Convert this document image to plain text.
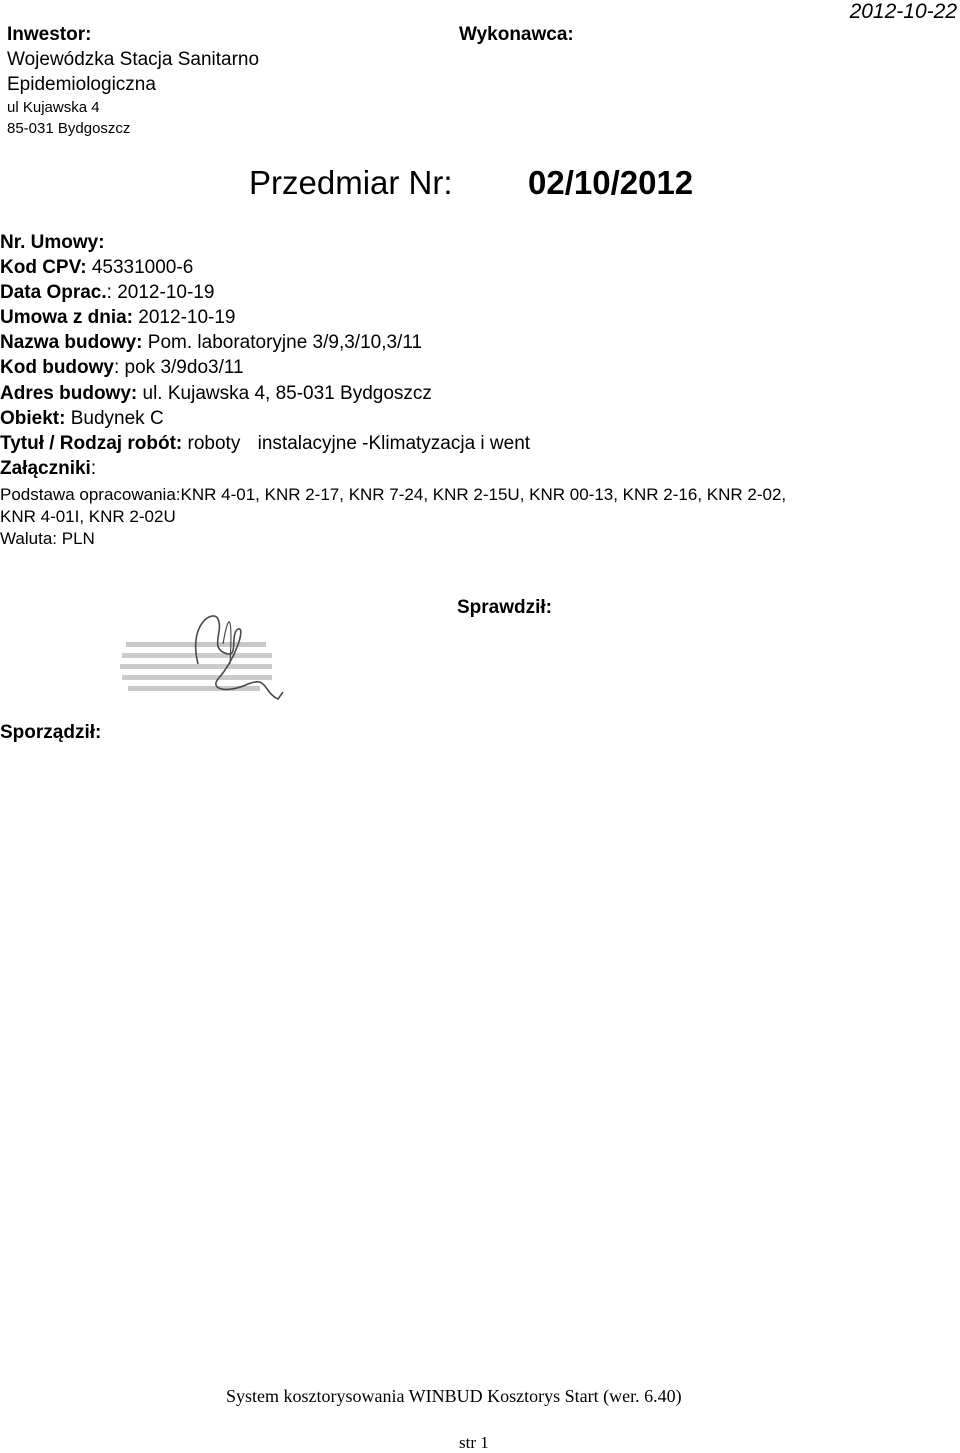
2012-10-22
Inwestor:
Wojewódzka Stacja Sanitarno
Epidemiologiczna
ul Kujawska 4
85-031 Bydgoszcz
Wykonawca:
Przedmiar Nr: 02/10/2012
Nr. Umowy:
Kod CPV: 45331000-6
Data Oprac.: 2012-10-19
Umowa z dnia: 2012-10-19
Nazwa budowy: Pom. laboratoryjne 3/9,3/10,3/11
Kod budowy: pok 3/9do3/11
Adres budowy: ul. Kujawska 4, 85-031 Bydgoszcz
Obiekt: Budynek C
Tytuł / Rodzaj robót: roboty instalacyjne -Klimatyzacja i went
Załączniki:
Podstawa opracowania:KNR 4-01, KNR 2-17, KNR 7-24, KNR 2-15U, KNR 00-13, KNR 2-16, KNR 2-02,
KNR 4-01I, KNR 2-02U
Waluta: PLN
Sprawdził:
Sporządził:
System kosztorysowania WINBUD Kosztorys Start (wer. 6.40)
str 1
